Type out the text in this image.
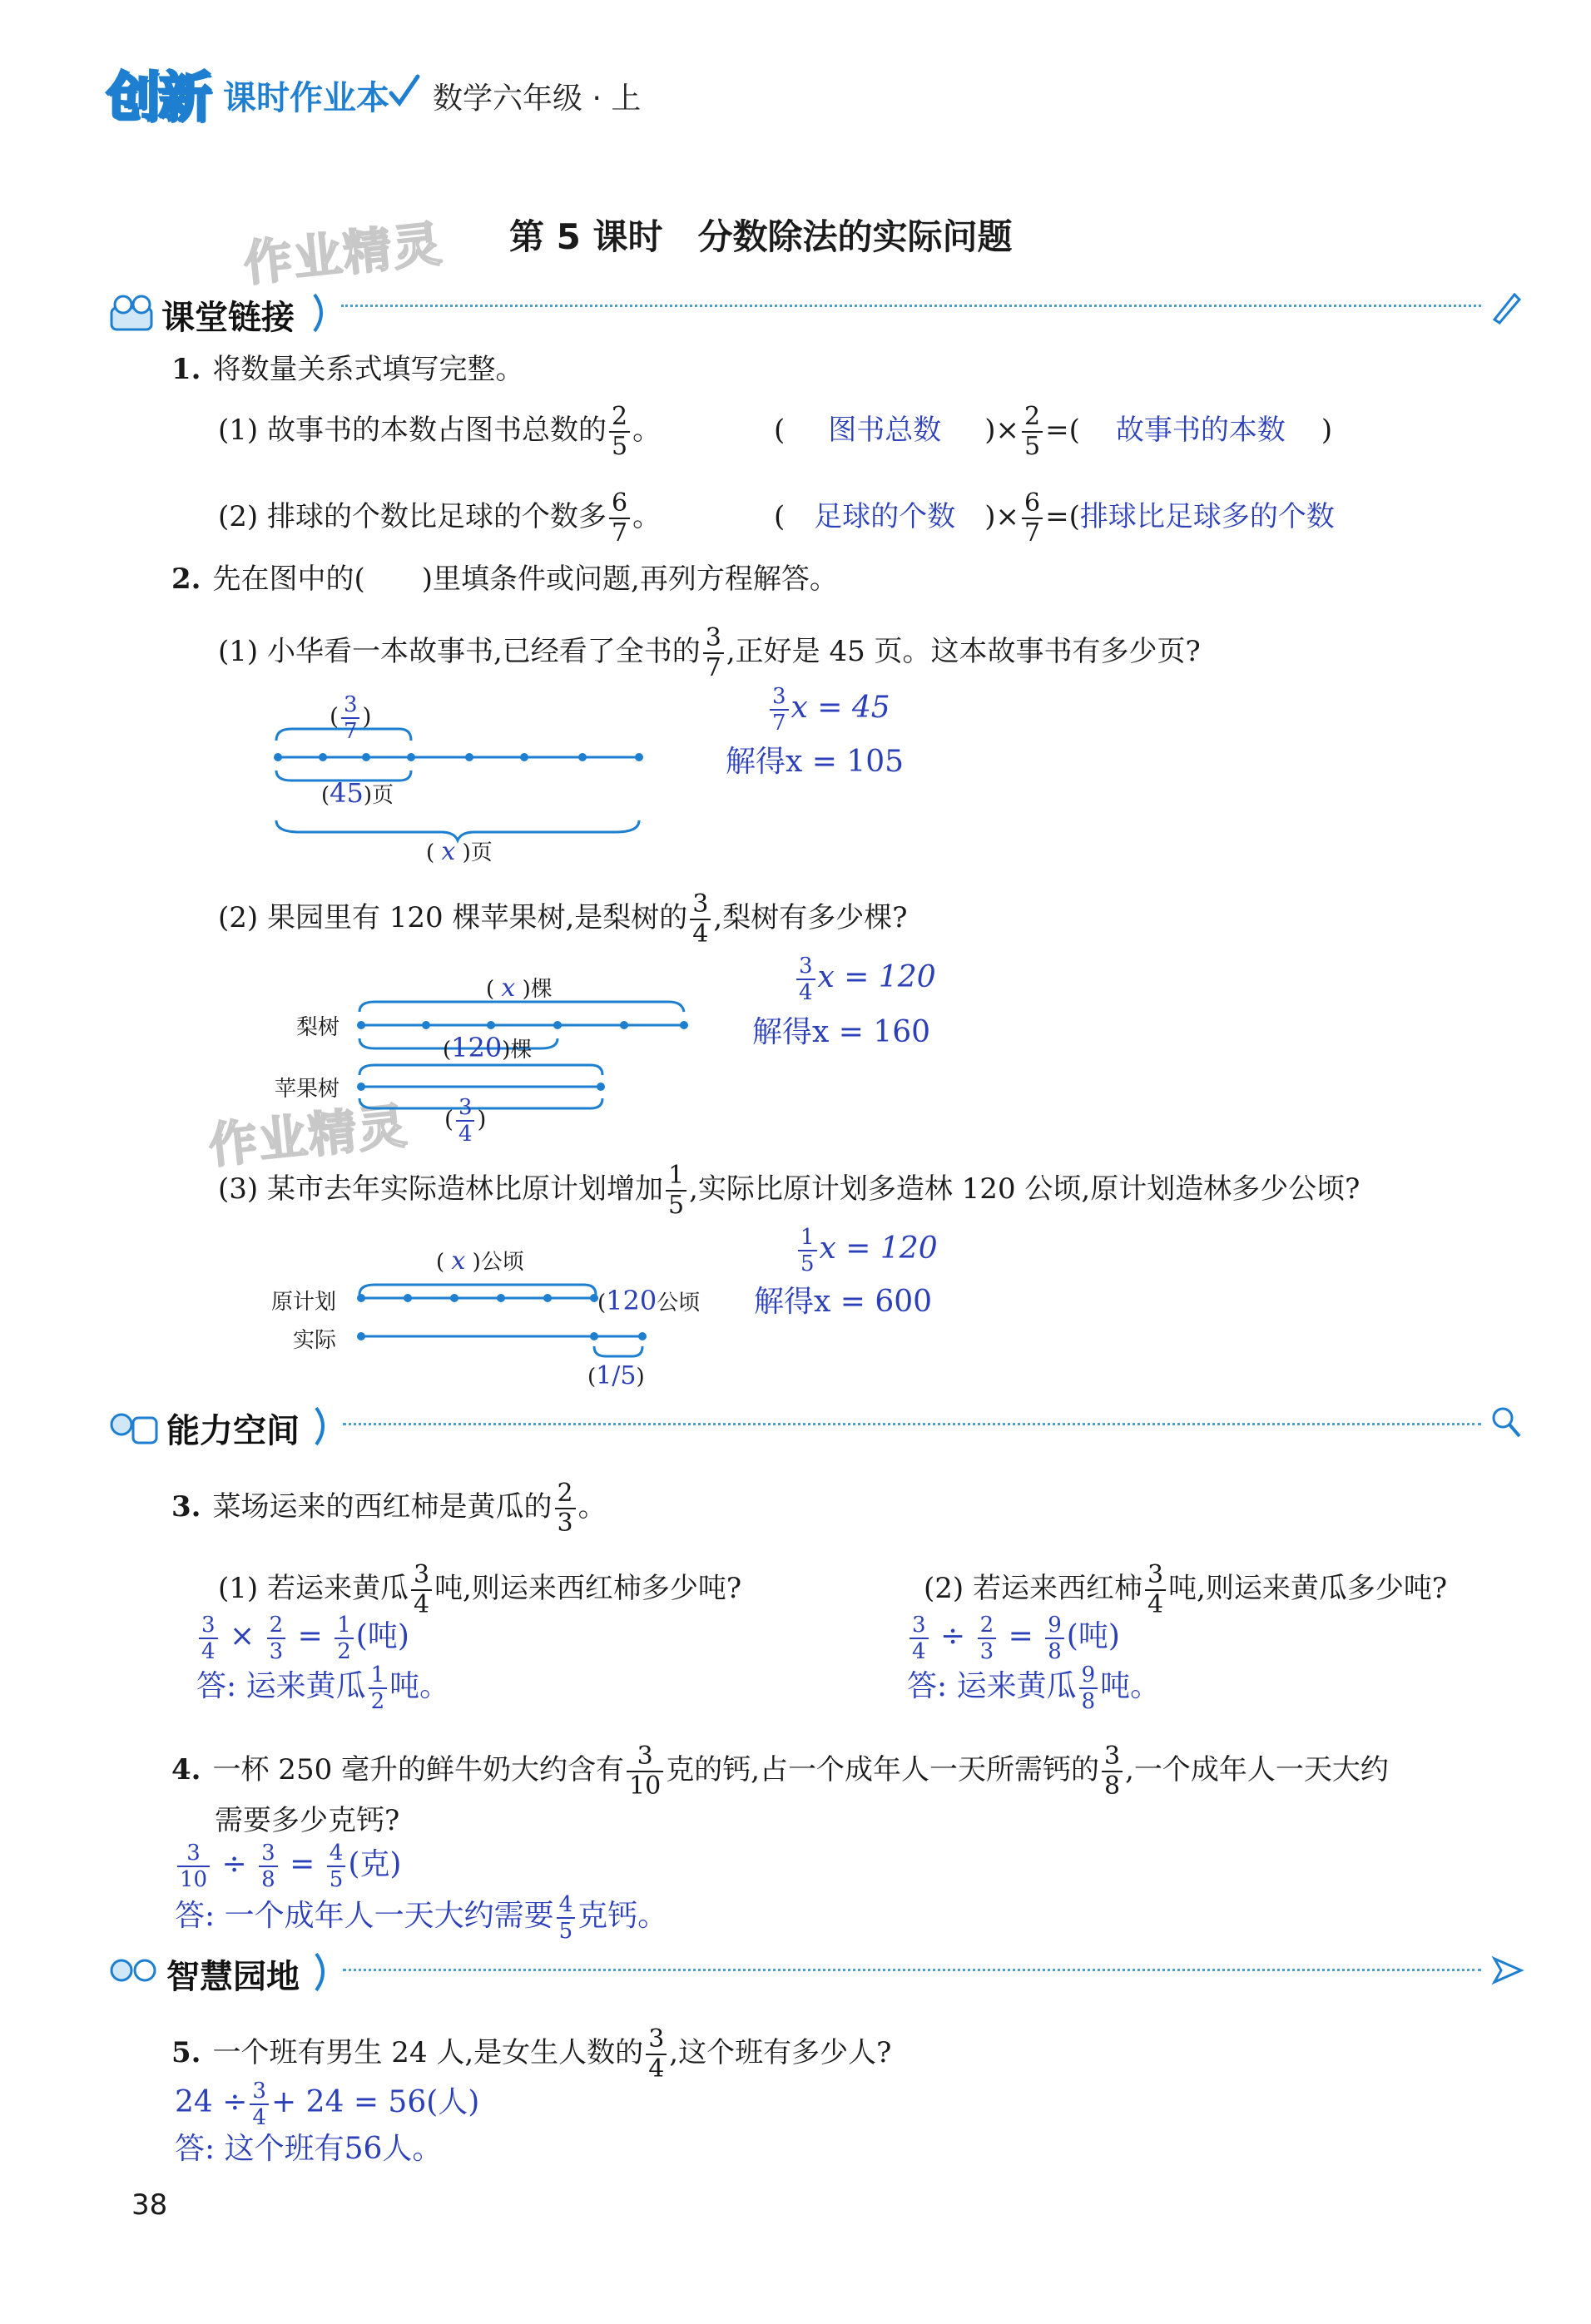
创新 课时作业本 数学六年级 · 上
作业精灵
作业精灵
第 5 课时　分数除法的实际问题
课堂链接
1. 将数量关系式填写完整。
(1) 故事书的本数占图书总数的 $\frac{2}{5}$ 。	( 图书总数 )× $\frac{2}{5}$ =( 故事书的本数 )
(2) 排球的个数比足球的个数多 $\frac{6}{7}$ 。	( 足球的个数 )× $\frac{6}{7}$ =(排球比足球多的个数
2. 先在图中的(　　)里填条件或问题,再列方程解答。
(1) 小华看一本故事书,已经看了全书的 $\frac{3}{7}$ ,正好是 45 页。这本故事书有多少页?
( $\frac{3}{7}$ )
(45)页
( x )页
$\frac{3}{7}$ x = 45
解得x = 105
(2) 果园里有 120 棵苹果树,是梨树的 $\frac{3}{4}$ ,梨树有多少棵?
梨树
苹果树
( x )棵
(120)棵
( $\frac{3}{4}$ )
$\frac{3}{4}$ x = 120
解得x = 160
(3) 某市去年实际造林比原计划增加 $\frac{1}{5}$ ,实际比原计划多造林 120 公顷,原计划造林多少公顷?
原计划
实际
( x )公顷
(120公顷
(1/5)
$\frac{1}{5}$ x = 120
解得x = 600
能力空间
3. 菜场运来的西红柿是黄瓜的 $\frac{2}{3}$ 。
(1) 若运来黄瓜 $\frac{3}{4}$ 吨,则运来西红柿多少吨?	(2) 若运来西红柿 $\frac{3}{4}$ 吨,则运来黄瓜多少吨?
$\frac{3}{4} \times \frac{2}{3} = \frac{1}{2}$ (吨)
答: 运来黄瓜 $\frac{1}{2}$ 吨。
$\frac{3}{4} \div \frac{2}{3} = \frac{9}{8}$ (吨)
答: 运来黄瓜 $\frac{9}{8}$ 吨。
4. 一杯 250 毫升的鲜牛奶大约含有 $\frac{3}{10}$ 克的钙,占一个成年人一天所需钙的 $\frac{3}{8}$ ,一个成年人一天大约
需要多少克钙?
$\frac{3}{10} \div \frac{3}{8} = \frac{4}{5}$ (克)
答: 一个成年人一天大约需要 $\frac{4}{5}$ 克钙。
智慧园地
5. 一个班有男生 24 人,是女生人数的 $\frac{3}{4}$ ,这个班有多少人?
$24 \div \frac{3}{4} + 24 = 56$(人)
答: 这个班有56人。
38
